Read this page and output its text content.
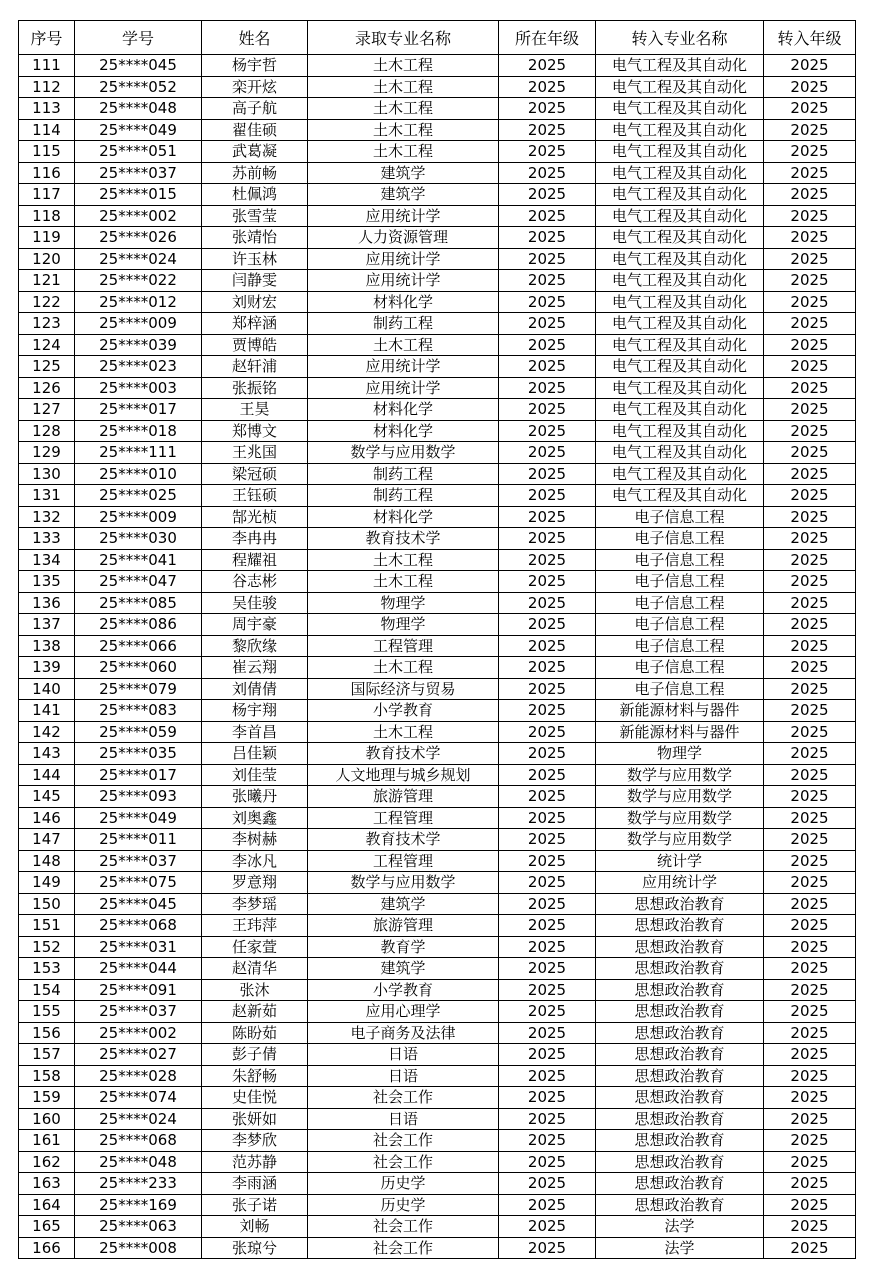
序号	学号	姓名	录取专业名称	所在年级	转入专业名称	转入年级
111	25****045	杨宇哲	土木工程	2025	电气工程及其自动化	2025
112	25****052	栾开炫	土木工程	2025	电气工程及其自动化	2025
113	25****048	高子航	土木工程	2025	电气工程及其自动化	2025
114	25****049	翟佳硕	土木工程	2025	电气工程及其自动化	2025
115	25****051	武葛凝	土木工程	2025	电气工程及其自动化	2025
116	25****037	苏前畅	建筑学	2025	电气工程及其自动化	2025
117	25****015	杜佩鸿	建筑学	2025	电气工程及其自动化	2025
118	25****002	张雪莹	应用统计学	2025	电气工程及其自动化	2025
119	25****026	张靖怡	人力资源管理	2025	电气工程及其自动化	2025
120	25****024	许玉林	应用统计学	2025	电气工程及其自动化	2025
121	25****022	闫静雯	应用统计学	2025	电气工程及其自动化	2025
122	25****012	刘财宏	材料化学	2025	电气工程及其自动化	2025
123	25****009	郑梓涵	制药工程	2025	电气工程及其自动化	2025
124	25****039	贾博皓	土木工程	2025	电气工程及其自动化	2025
125	25****023	赵轩浦	应用统计学	2025	电气工程及其自动化	2025
126	25****003	张振铭	应用统计学	2025	电气工程及其自动化	2025
127	25****017	王昊	材料化学	2025	电气工程及其自动化	2025
128	25****018	郑博文	材料化学	2025	电气工程及其自动化	2025
129	25****111	王兆国	数学与应用数学	2025	电气工程及其自动化	2025
130	25****010	梁冠硕	制药工程	2025	电气工程及其自动化	2025
131	25****025	王钰硕	制药工程	2025	电气工程及其自动化	2025
132	25****009	郜光桢	材料化学	2025	电子信息工程	2025
133	25****030	李冉冉	教育技术学	2025	电子信息工程	2025
134	25****041	程耀祖	土木工程	2025	电子信息工程	2025
135	25****047	谷志彬	土木工程	2025	电子信息工程	2025
136	25****085	吴佳骏	物理学	2025	电子信息工程	2025
137	25****086	周宇豪	物理学	2025	电子信息工程	2025
138	25****066	黎欣缘	工程管理	2025	电子信息工程	2025
139	25****060	崔云翔	土木工程	2025	电子信息工程	2025
140	25****079	刘倩倩	国际经济与贸易	2025	电子信息工程	2025
141	25****083	杨宇翔	小学教育	2025	新能源材料与器件	2025
142	25****059	李首昌	土木工程	2025	新能源材料与器件	2025
143	25****035	吕佳颖	教育技术学	2025	物理学	2025
144	25****017	刘佳莹	人文地理与城乡规划	2025	数学与应用数学	2025
145	25****093	张曦丹	旅游管理	2025	数学与应用数学	2025
146	25****049	刘奥鑫	工程管理	2025	数学与应用数学	2025
147	25****011	李树赫	教育技术学	2025	数学与应用数学	2025
148	25****037	李冰凡	工程管理	2025	统计学	2025
149	25****075	罗意翔	数学与应用数学	2025	应用统计学	2025
150	25****045	李梦瑶	建筑学	2025	思想政治教育	2025
151	25****068	王玮萍	旅游管理	2025	思想政治教育	2025
152	25****031	任家萱	教育学	2025	思想政治教育	2025
153	25****044	赵清华	建筑学	2025	思想政治教育	2025
154	25****091	张沐	小学教育	2025	思想政治教育	2025
155	25****037	赵新茹	应用心理学	2025	思想政治教育	2025
156	25****002	陈盼茹	电子商务及法律	2025	思想政治教育	2025
157	25****027	彭子倩	日语	2025	思想政治教育	2025
158	25****028	朱舒畅	日语	2025	思想政治教育	2025
159	25****074	史佳悦	社会工作	2025	思想政治教育	2025
160	25****024	张妍如	日语	2025	思想政治教育	2025
161	25****068	李梦欣	社会工作	2025	思想政治教育	2025
162	25****048	范苏静	社会工作	2025	思想政治教育	2025
163	25****233	李雨涵	历史学	2025	思想政治教育	2025
164	25****169	张子诺	历史学	2025	思想政治教育	2025
165	25****063	刘畅	社会工作	2025	法学	2025
166	25****008	张琼兮	社会工作	2025	法学	2025
